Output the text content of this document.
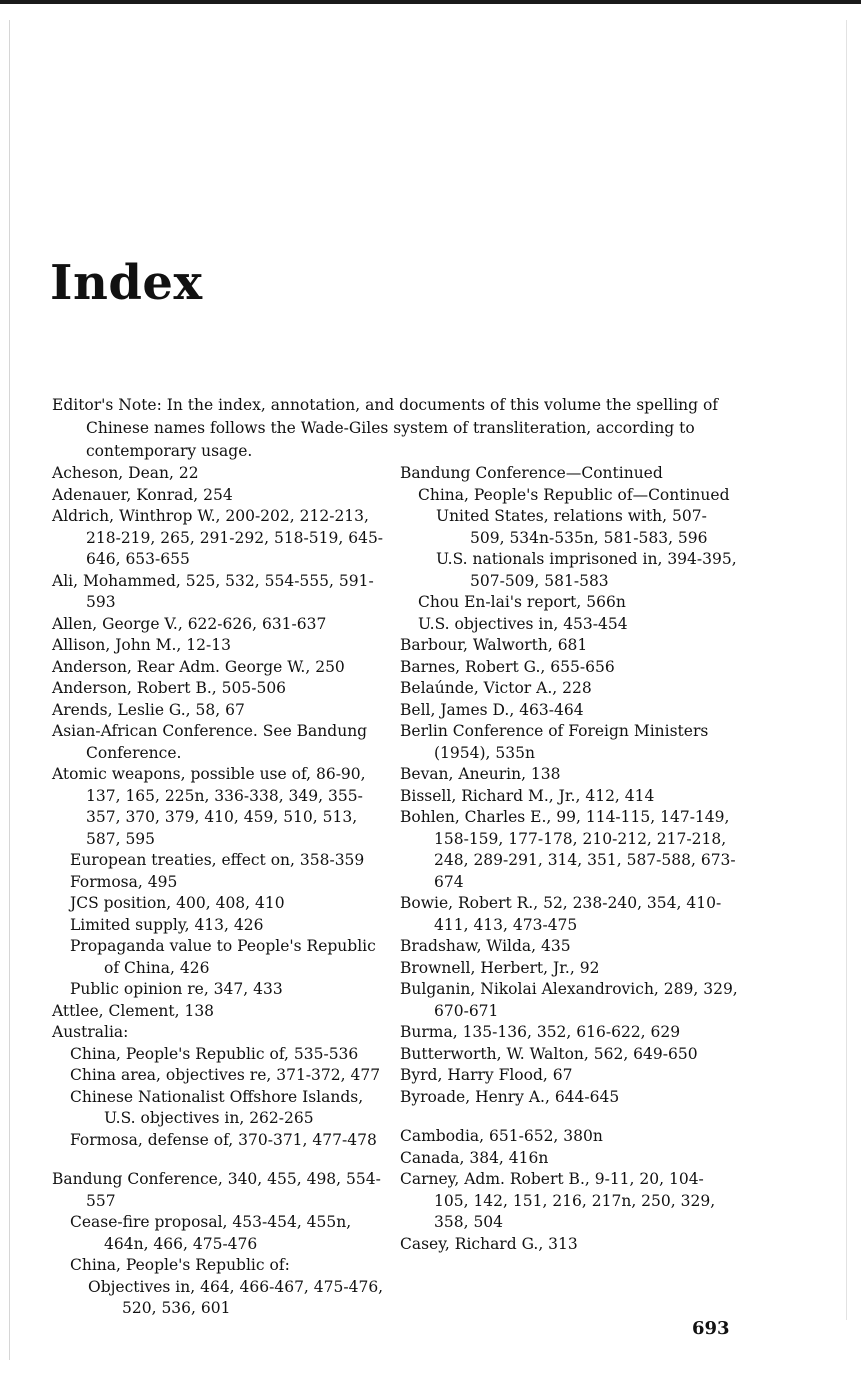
Index

Editor's Note: In the index, annotation, and documents of this volume the spelling of Chinese names follows the Wade-Giles system of transliteration, according to contemporary usage.

Acheson, Dean, 22
Adenauer, Konrad, 254
Aldrich, Winthrop W., 200-202, 212-213, 218-219, 265, 291-292, 518-519, 645-646, 653-655
Ali, Mohammed, 525, 532, 554-555, 591-593
Allen, George V., 622-626, 631-637
Allison, John M., 12-13
Anderson, Rear Adm. George W., 250
Anderson, Robert B., 505-506
Arends, Leslie G., 58, 67
Asian-African Conference. See Bandung Conference.
Atomic weapons, possible use of, 86-90, 137, 165, 225n, 336-338, 349, 355-357, 370, 379, 410, 459, 510, 513, 587, 595
European treaties, effect on, 358-359
Formosa, 495
JCS position, 400, 408, 410
Limited supply, 413, 426
Propaganda value to People's Republic of China, 426
Public opinion re, 347, 433
Attlee, Clement, 138
Australia:
China, People's Republic of, 535-536
China area, objectives re, 371-372, 477
Chinese Nationalist Offshore Islands, U.S. objectives in, 262-265
Formosa, defense of, 370-371, 477-478
Bandung Conference, 340, 455, 498, 554-557
Cease-fire proposal, 453-454, 455n, 464n, 466, 475-476
China, People's Republic of:
Objectives in, 464, 466-467, 475-476, 520, 536, 601
Bandung Conference—Continued
China, People's Republic of—Continued
United States, relations with, 507-509, 534n-535n, 581-583, 596
U.S. nationals imprisoned in, 394-395, 507-509, 581-583
Chou En-lai's report, 566n
U.S. objectives in, 453-454
Barbour, Walworth, 681
Barnes, Robert G., 655-656
Belaúnde, Victor A., 228
Bell, James D., 463-464
Berlin Conference of Foreign Ministers (1954), 535n
Bevan, Aneurin, 138
Bissell, Richard M., Jr., 412, 414
Bohlen, Charles E., 99, 114-115, 147-149, 158-159, 177-178, 210-212, 217-218, 248, 289-291, 314, 351, 587-588, 673-674
Bowie, Robert R., 52, 238-240, 354, 410-411, 413, 473-475
Bradshaw, Wilda, 435
Brownell, Herbert, Jr., 92
Bulganin, Nikolai Alexandrovich, 289, 329, 670-671
Burma, 135-136, 352, 616-622, 629
Butterworth, W. Walton, 562, 649-650
Byrd, Harry Flood, 67
Byroade, Henry A., 644-645
Cambodia, 651-652, 380n
Canada, 384, 416n
Carney, Adm. Robert B., 9-11, 20, 104-105, 142, 151, 216, 217n, 250, 329, 358, 504
Casey, Richard G., 313
693
